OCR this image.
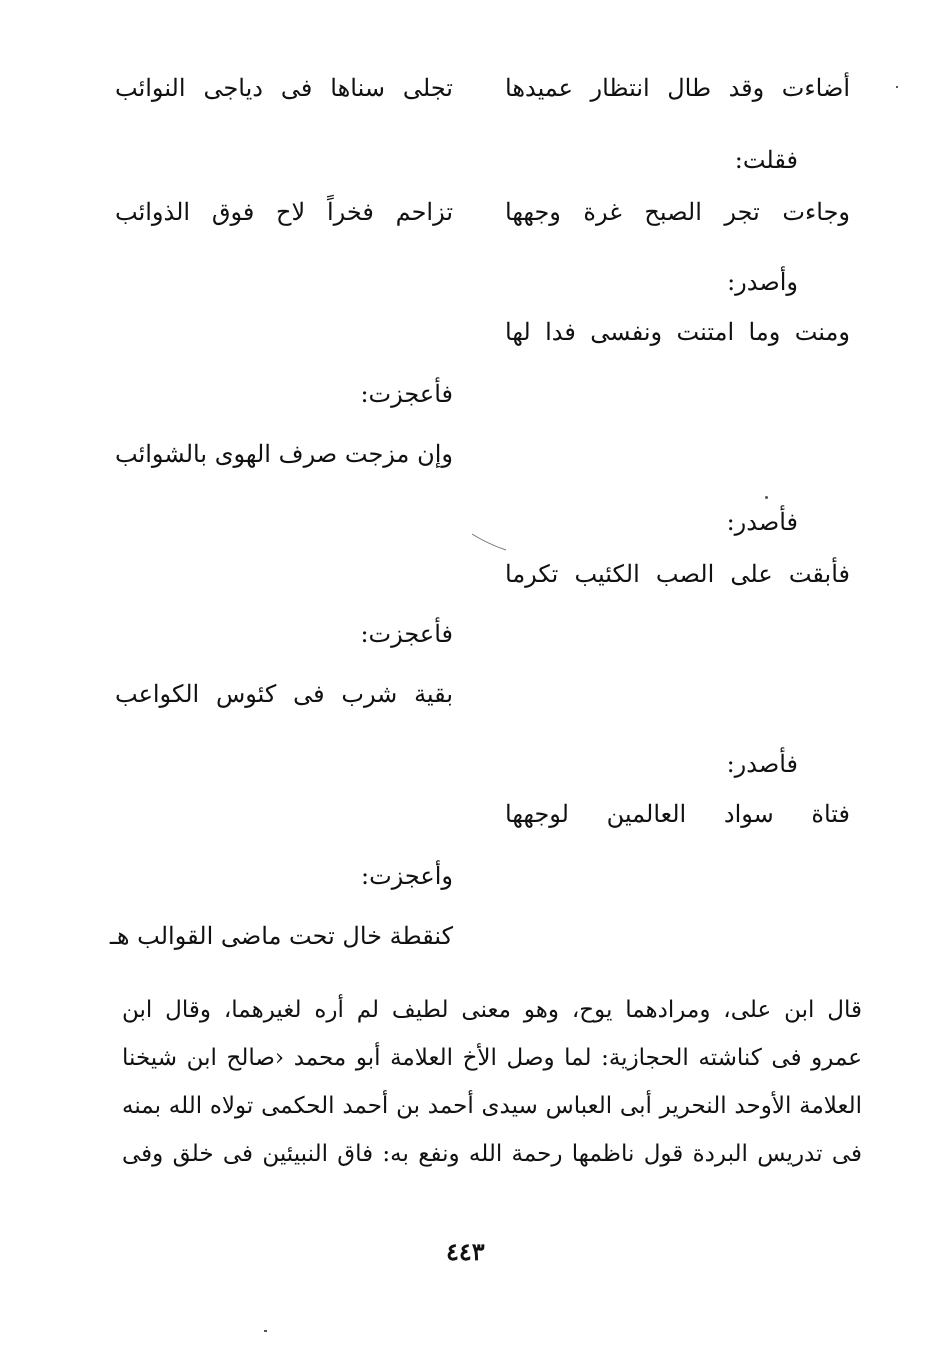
أضاءت وقد طال انتظار عميدها
تجلى سناها فى دياجى النوائب
فقلت:
وجاءت تجر الصبح غرة وجهها
تزاحم فخراً لاح فوق الذوائب
وأصدر:
ومنت وما امتنت ونفسى فدا لها
فأعجزت:
وإن مزجت صرف الهوى بالشوائب
فأصدر:
فأبقت على الصب الكئيب تكرما
فأعجزت:
بقية شرب فى كئوس الكواعب
فأصدر:
فتاة سواد العالمين لوجهها
وأعجزت:
كنقطة خال تحت ماضى القوالب هـ
قال ابن على، ومرادهما يوح، وهو معنى لطيف لم أره لغيرهما، وقال ابن
عمرو فى كناشته الحجازية: لما وصل الأخ العلامة أبو محمد ‹صالح ابن شيخنا
العلامة الأوحد النحرير أبى العباس سيدى أحمد بن أحمد الحكمى تولاه الله بمنه
فى تدريس البردة قول ناظمها رحمة الله ونفع به: فاق النبيئين فى خلق وفى
٤٤٣
